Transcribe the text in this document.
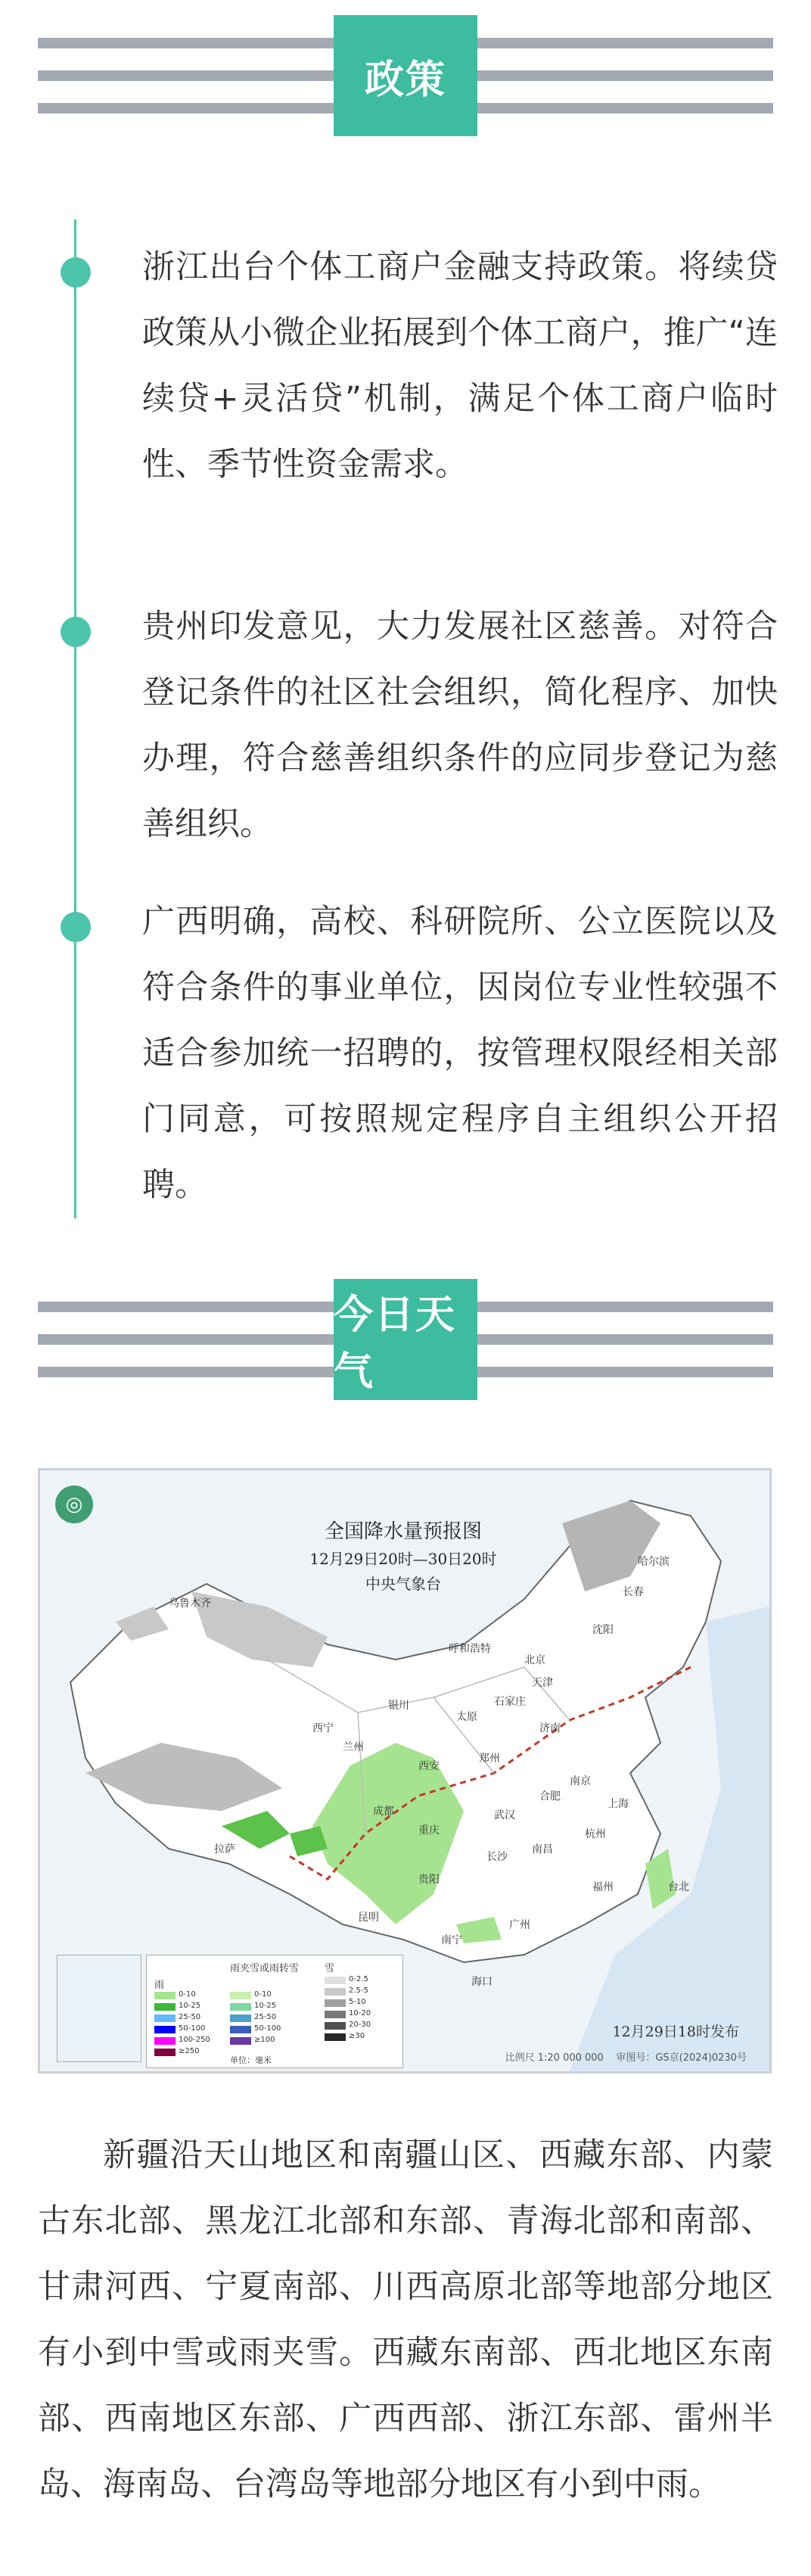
政策

浙江出台个体工商户金融支持政策。将续贷政策从小微企业拓展到个体工商户，推广“连续贷+灵活贷”机制，满足个体工商户临时性、季节性资金需求。

贵州印发意见，大力发展社区慈善。对符合登记条件的社区社会组织，简化程序、加快办理，符合慈善组织条件的应同步登记为慈善组织。

广西明确，高校、科研院所、公立医院以及符合条件的事业单位，因岗位专业性较强不适合参加统一招聘的，按管理权限经相关部门同意，可按照规定程序自主组织公开招聘。

今日天气
◎
全国降水量预报图
12月29日20时—30日20时
中央气象台
哈尔滨
长春
沈阳
乌鲁木齐
呼和浩特
北京
天津
石家庄
太原
济南
银川
西宁
兰州
西安
郑州
南京
上海
合肥
武汉
杭州
拉萨
成都
重庆
长沙
南昌
福州
贵阳
昆明
南宁
广州
台北
海口
雨
雨夹雪或雨转雪	雪
0-10
10-25
25-50
50-100
100-250
≥250
0-10
10-25
25-50
50-100
≥100
0-2.5
2.5-5
5-10
10-20
20-30
≥30
单位：毫米
12月29日18时发布
比例尺 1:20 000 000 审图号：GS京(2024)0230号

新疆沿天山地区和南疆山区、西藏东部、内蒙古东北部、黑龙江北部和东部、青海北部和南部、甘肃河西、宁夏南部、川西高原北部等地部分地区有小到中雪或雨夹雪。西藏东南部、西北地区东南部、西南地区东部、广西西部、浙江东部、雷州半岛、海南岛、台湾岛等地部分地区有小到中雨。
